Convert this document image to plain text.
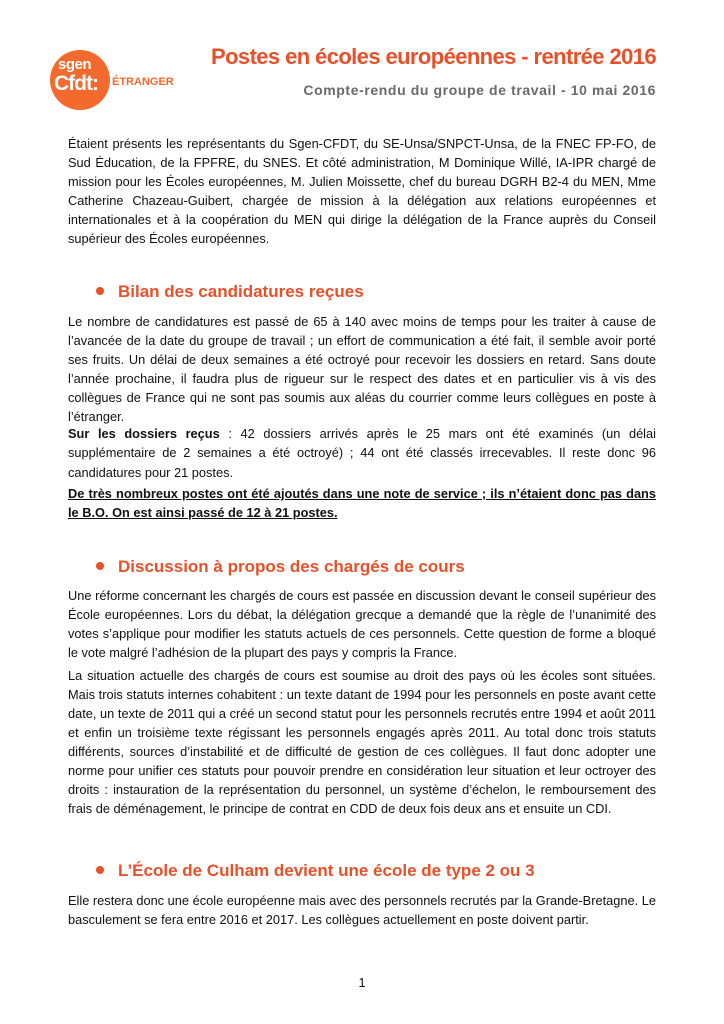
sgen
Cfdt: ÉTRANGER
Postes en écoles européennes - rentrée 2016
Compte-rendu du groupe de travail - 10 mai 2016

Étaient présents les représentants du Sgen-CFDT, du SE-Unsa/SNPCT-Unsa, de la FNEC FP-FO, de Sud Éducation, de la FPFRE, du SNES. Et côté administration, M Dominique Willé, IA-IPR chargé de mission pour les Écoles européennes, M. Julien Moissette, chef du bureau DGRH B2-4 du MEN, Mme Catherine Chazeau-Guibert, chargée de mission à la délégation aux relations européennes et internationales et à la coopération du MEN qui dirige la délégation de la France auprès du Conseil supérieur des Écoles européennes.

Bilan des candidatures reçues

Le nombre de candidatures est passé de 65 à 140 avec moins de temps pour les traiter à cause de l’avancée de la date du groupe de travail ; un effort de communication a été fait, il semble avoir porté ses fruits. Un délai de deux semaines a été octroyé pour recevoir les dossiers en retard. Sans doute l’année prochaine, il faudra plus de rigueur sur le respect des dates et en particulier vis à vis des collègues de France qui ne sont pas soumis aux aléas du courrier comme leurs collègues en poste à l’étranger.

Sur les dossiers reçus : 42 dossiers arrivés après le 25 mars ont été examinés (un délai supplémentaire de 2 semaines a été octroyé) ; 44 ont été classés irrecevables. Il reste donc 96 candidatures pour 21 postes.

De très nombreux postes ont été ajoutés dans une note de service ; ils n’étaient donc pas dans le B.O. On est ainsi passé de 12 à 21 postes.

Discussion à propos des chargés de cours

Une réforme concernant les chargés de cours est passée en discussion devant le conseil supérieur des École européennes. Lors du débat, la délégation grecque a demandé que la règle de l’unanimité des votes s’applique pour modifier les statuts actuels de ces personnels. Cette question de forme a bloqué le vote malgré l’adhésion de la plupart des pays y compris la France.

La situation actuelle des chargés de cours est soumise au droit des pays où les écoles sont situées. Mais trois statuts internes cohabitent : un texte datant de 1994 pour les personnels en poste avant cette date, un texte de 2011 qui a créé un second statut pour les personnels recrutés entre 1994 et août 2011 et enfin un troisième texte régissant les personnels engagés après 2011. Au total donc trois statuts différents, sources d’instabilité et de difficulté de gestion de ces collègues. Il faut donc adopter une norme pour unifier ces statuts pour pouvoir prendre en considération leur situation et leur octroyer des droits : instauration de la représentation du personnel, un système d’échelon, le remboursement des frais de déménagement, le principe de contrat en CDD de deux fois deux ans et ensuite un CDI.

L’École de Culham devient une école de type 2 ou 3

Elle restera donc une école européenne mais avec des personnels recrutés par la Grande-Bretagne. Le basculement se fera entre 2016 et 2017. Les collègues actuellement en poste doivent partir.

1
